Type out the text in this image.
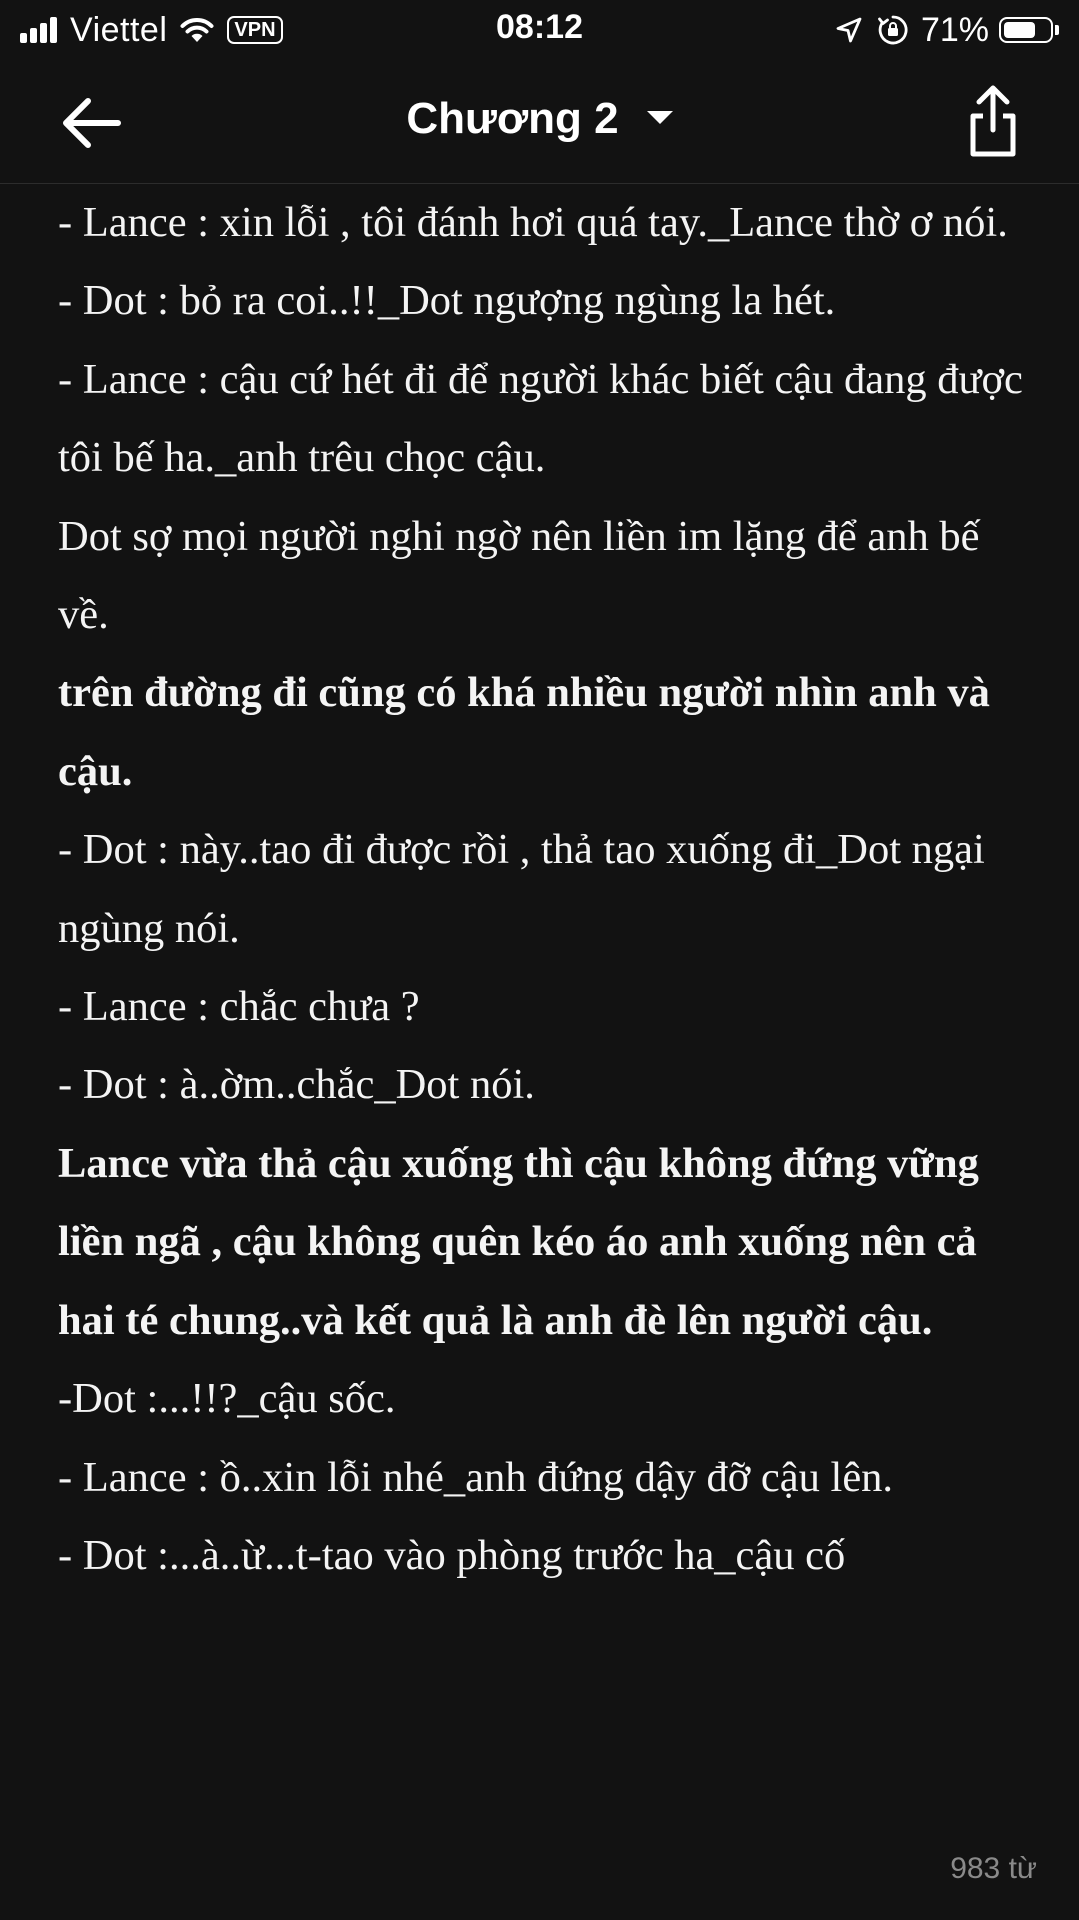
Viettel	VPN	08:12	71%
Chương 2

- Lance : xin lỗi , tôi đánh hơi quá tay._Lance thờ ơ nói.

- Dot : bỏ ra coi..!!_Dot ngượng ngùng la hét.

- Lance : cậu cứ hét đi để người khác biết cậu đang được tôi bế ha._anh trêu chọc cậu.

Dot sợ mọi người nghi ngờ nên liền im lặng để anh bế về.

trên đường đi cũng có khá nhiều người nhìn anh và cậu.

- Dot : này..tao đi được rồi , thả tao xuống đi_Dot ngại ngùng nói.

- Lance : chắc chưa ?

- Dot : à..ờm..chắc_Dot nói.

Lance vừa thả cậu xuống thì cậu không đứng vững liền ngã , cậu không quên kéo áo anh xuống nên cả hai té chung..và kết quả là anh đè lên người cậu.

-Dot :...!!?_cậu sốc.

- Lance : ồ..xin lỗi nhé_anh đứng dậy đỡ cậu lên.

- Dot :...à..ừ...t-tao vào phòng trước ha_cậu cố

983 từ
